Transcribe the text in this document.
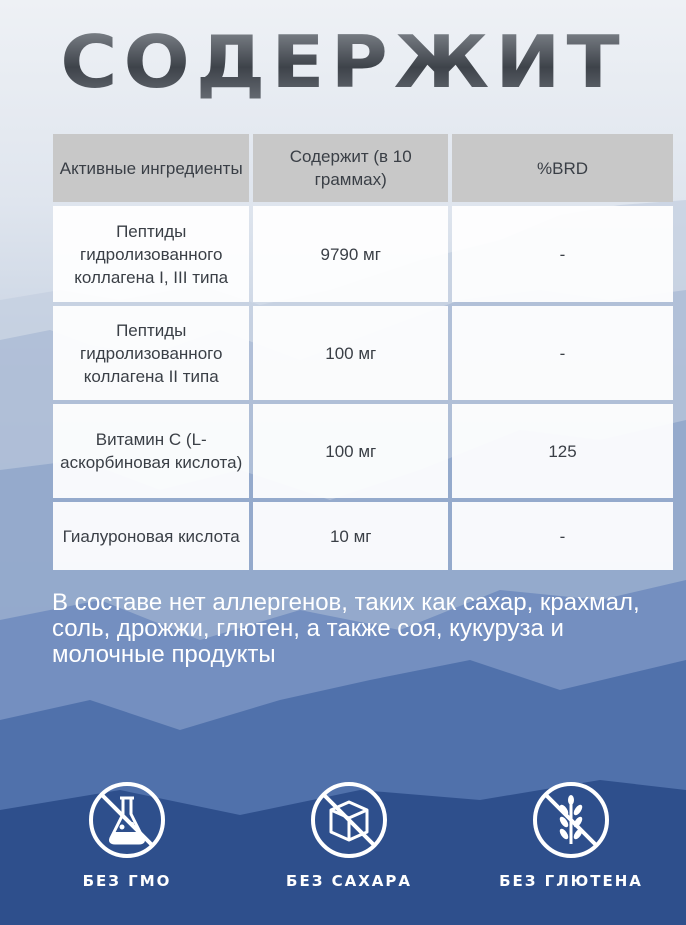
СОДЕРЖИТ
Активные ингредиенты	Содержит (в 10 граммах)	%BRD
Пептиды гидролизованного коллагена I, III типа	9790 мг	-
Пептиды гидролизованного коллагена II типа	100 мг	-
Витамин С (L-аскорбиновая кислота)	100 мг	125
Гиалуроновая кислота	10 мг	-
В составе нет аллергенов, таких как сахар, крахмал, соль, дрожжи, глютен, а также соя, кукуруза и молочные продукты
БЕЗ ГМО	БЕЗ САХАРА	БЕЗ ГЛЮТЕНА
